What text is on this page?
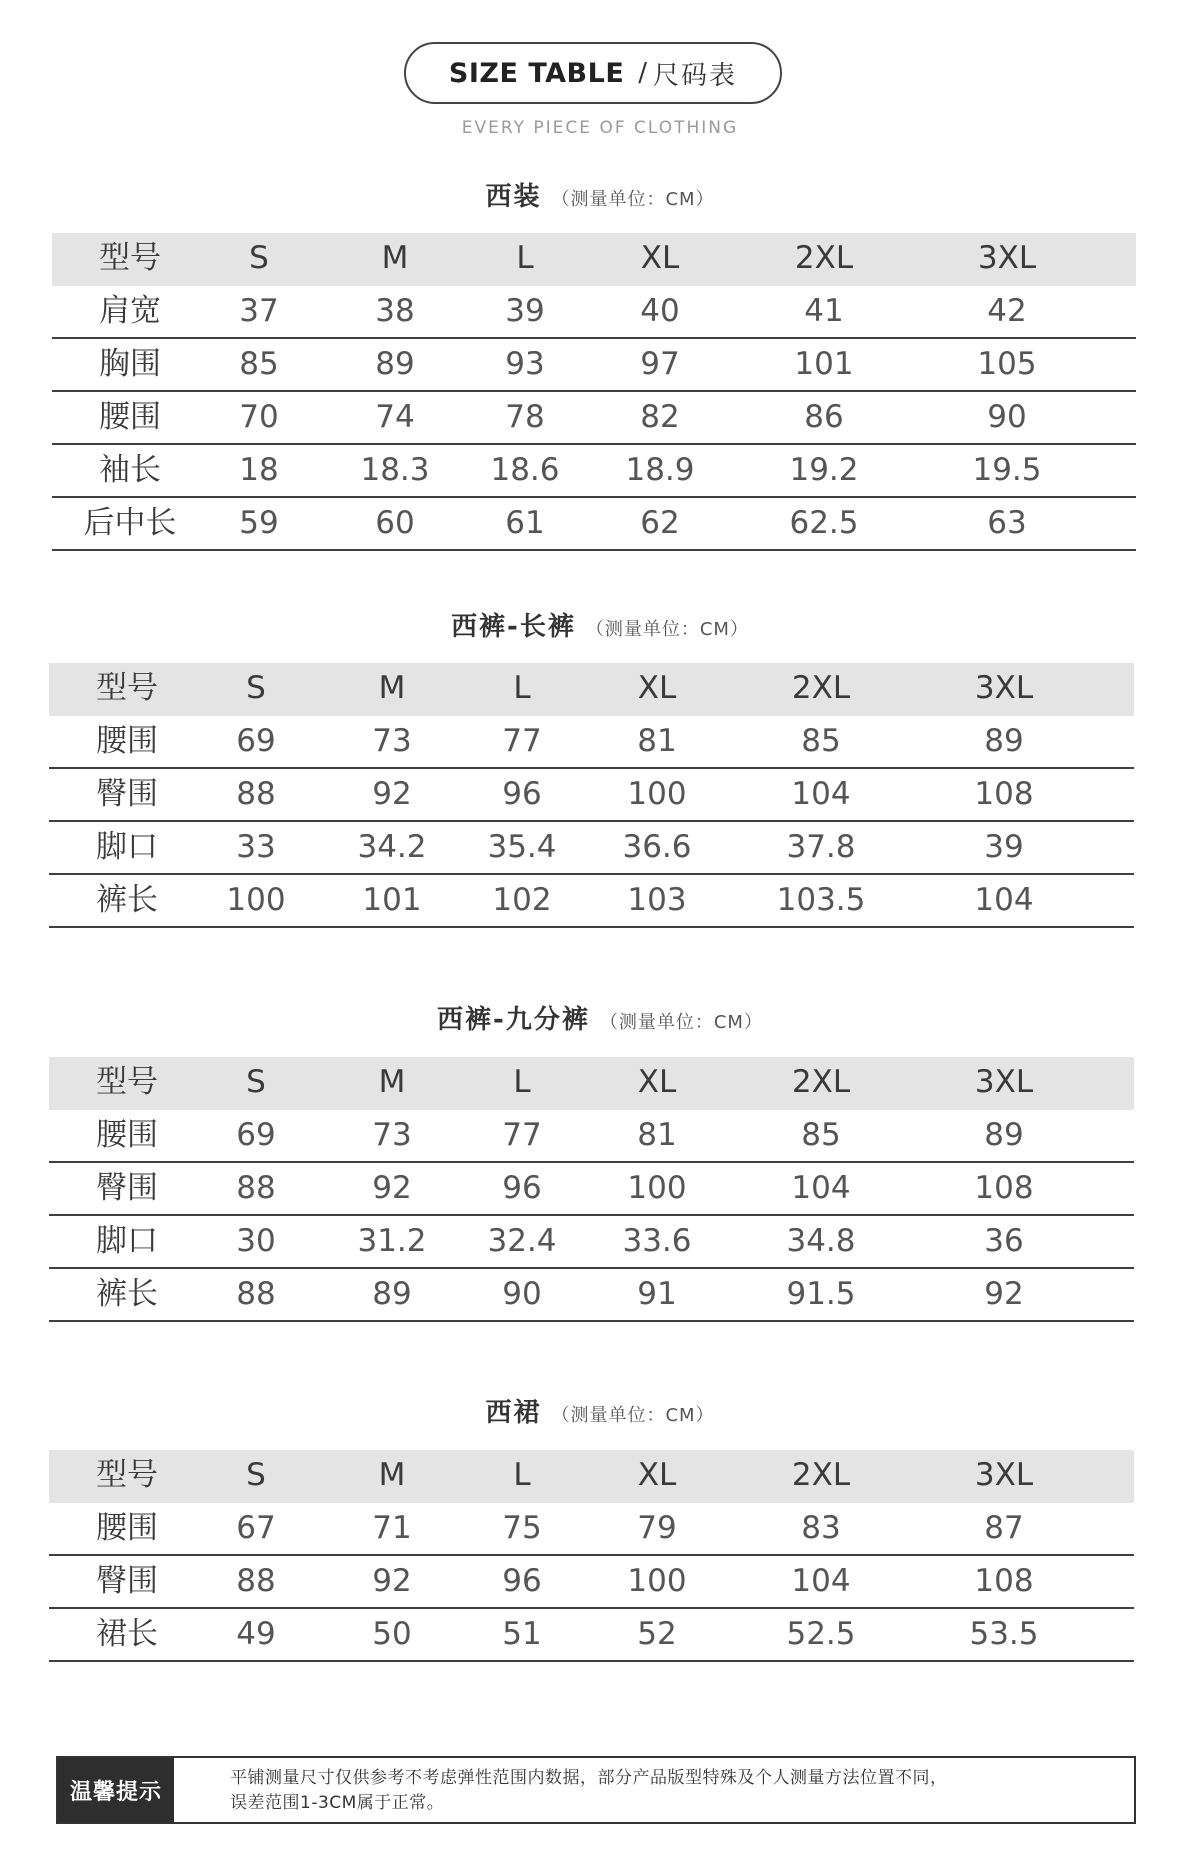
SIZE TABLE / 尺码表
EVERY PIECE OF CLOTHING
西装 （测量单位：CM）
型号	S	M	L	XL	2XL	3XL
肩宽	37	38	39	40	41	42
胸围	85	89	93	97	101	105
腰围	70	74	78	82	86	90
袖长	18	18.3	18.6	18.9	19.2	19.5
后中长	59	60	61	62	62.5	63
西裤-长裤 （测量单位：CM）
型号	S	M	L	XL	2XL	3XL
腰围	69	73	77	81	85	89
臀围	88	92	96	100	104	108
脚口	33	34.2	35.4	36.6	37.8	39
裤长	100	101	102	103	103.5	104
西裤-九分裤 （测量单位：CM）
型号	S	M	L	XL	2XL	3XL
腰围	69	73	77	81	85	89
臀围	88	92	96	100	104	108
脚口	30	31.2	32.4	33.6	34.8	36
裤长	88	89	90	91	91.5	92
西裙 （测量单位：CM）
型号	S	M	L	XL	2XL	3XL
腰围	67	71	75	79	83	87
臀围	88	92	96	100	104	108
裙长	49	50	51	52	52.5	53.5
温馨提示
平铺测量尺寸仅供参考不考虑弹性范围内数据，部分产品版型特殊及个人测量方法位置不同，
误差范围1-3CM属于正常。
